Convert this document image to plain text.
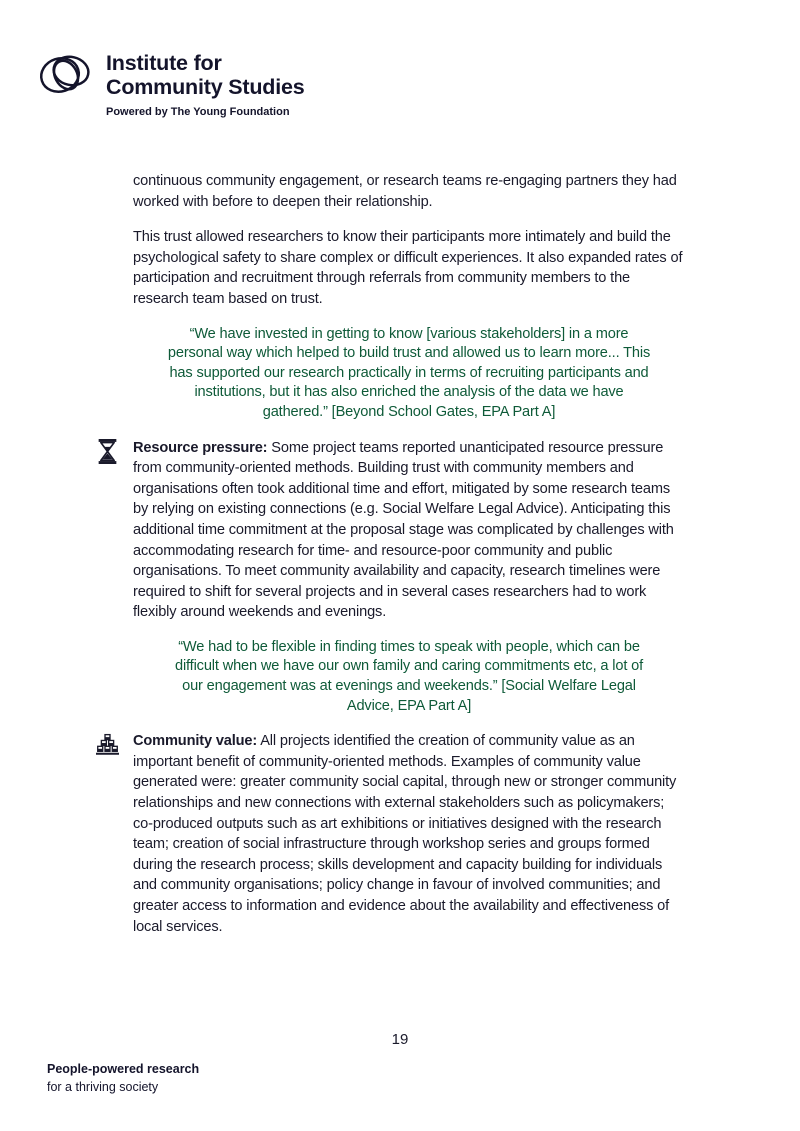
Institute for
Community Studies
Powered by The Young Foundation

continuous community engagement, or research teams re-engaging partners they had worked with before to deepen their relationship.

This trust allowed researchers to know their participants more intimately and build the psychological safety to share complex or difficult experiences. It also expanded rates of participation and recruitment through referrals from community members to the research team based on trust.

“We have invested in getting to know [various stakeholders] in a more personal way which helped to build trust and allowed us to learn more... This has supported our research practically in terms of recruiting participants and institutions, but it has also enriched the analysis of the data we have gathered.” [Beyond School Gates, EPA Part A]

Resource pressure: Some project teams reported unanticipated resource pressure from community-oriented methods. Building trust with community members and organisations often took additional time and effort, mitigated by some research teams by relying on existing connections (e.g. Social Welfare Legal Advice). Anticipating this additional time commitment at the proposal stage was complicated by challenges with accommodating research for time- and resource-poor community and public organisations. To meet community availability and capacity, research timelines were required to shift for several projects and in several cases researchers had to work flexibly around weekends and evenings.

“We had to be flexible in finding times to speak with people, which can be difficult when we have our own family and caring commitments etc, a lot of our engagement was at evenings and weekends.” [Social Welfare Legal Advice, EPA Part A]

Community value: All projects identified the creation of community value as an important benefit of community-oriented methods. Examples of community value generated were: greater community social capital, through new or stronger community relationships and new connections with external stakeholders such as policymakers; co-produced outputs such as art exhibitions or initiatives designed with the research team; creation of social infrastructure through workshop series and groups formed during the research process; skills development and capacity building for individuals and community organisations; policy change in favour of involved communities; and greater access to information and evidence about the availability and effectiveness of local services.

19
People-powered research
for a thriving society
